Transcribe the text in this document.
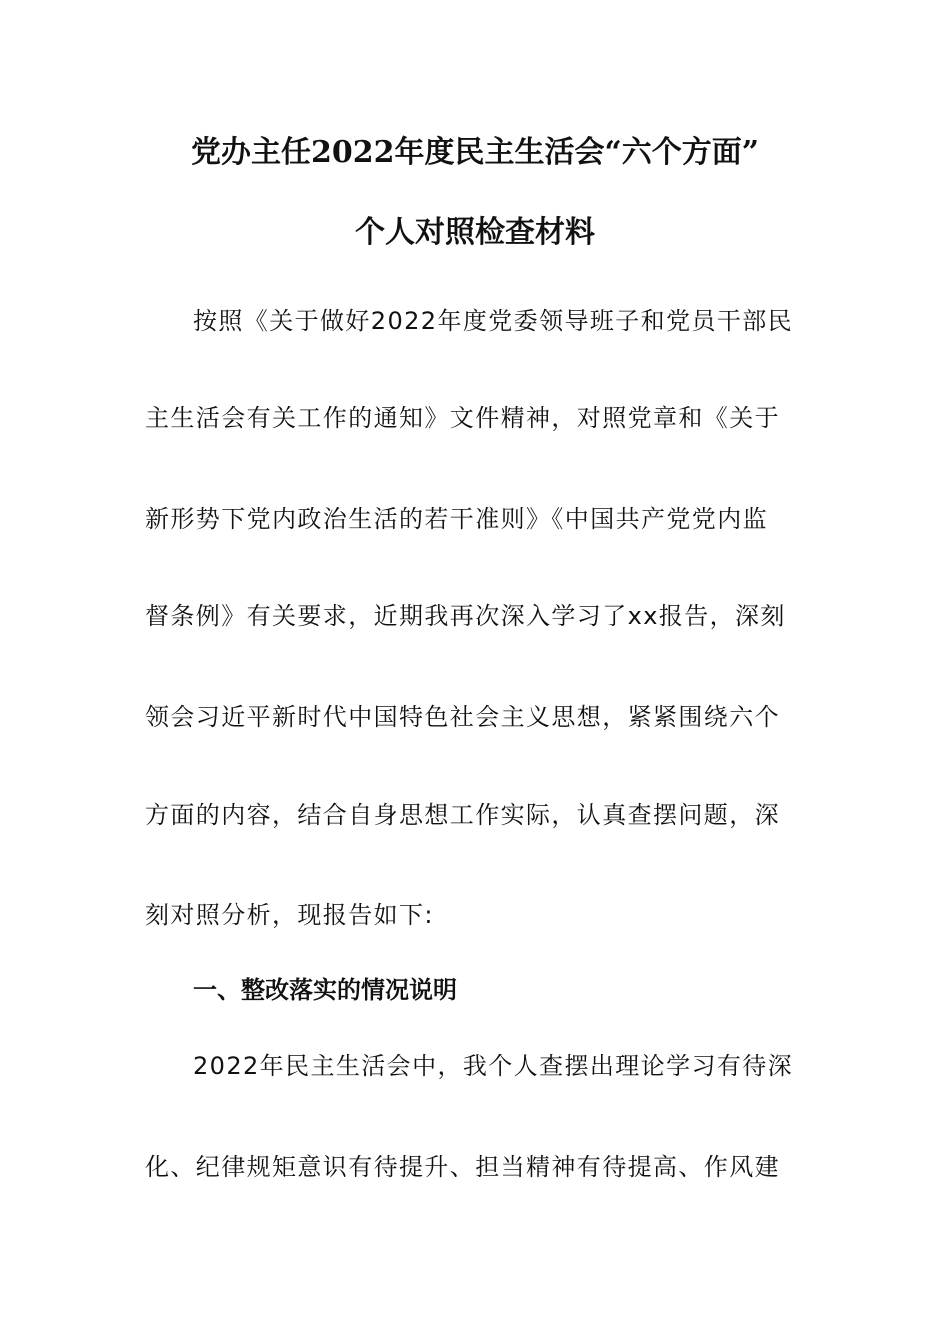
党办主任2022年度民主生活会“六个方面”
个人对照检查材料
按照《关于做好2022年度党委领导班子和党员干部民
主生活会有关工作的通知》文件精神，对照党章和《关于
新形势下党内政治生活的若干准则》《中国共产党党内监
督条例》有关要求，近期我再次深入学习了xx报告，深刻
领会习近平新时代中国特色社会主义思想，紧紧围绕六个
方面的内容，结合自身思想工作实际，认真查摆问题，深
刻对照分析，现报告如下:
一、整改落实的情况说明
2022年民主生活会中，我个人查摆出理论学习有待深
化、纪律规矩意识有待提升、担当精神有待提高、作风建
